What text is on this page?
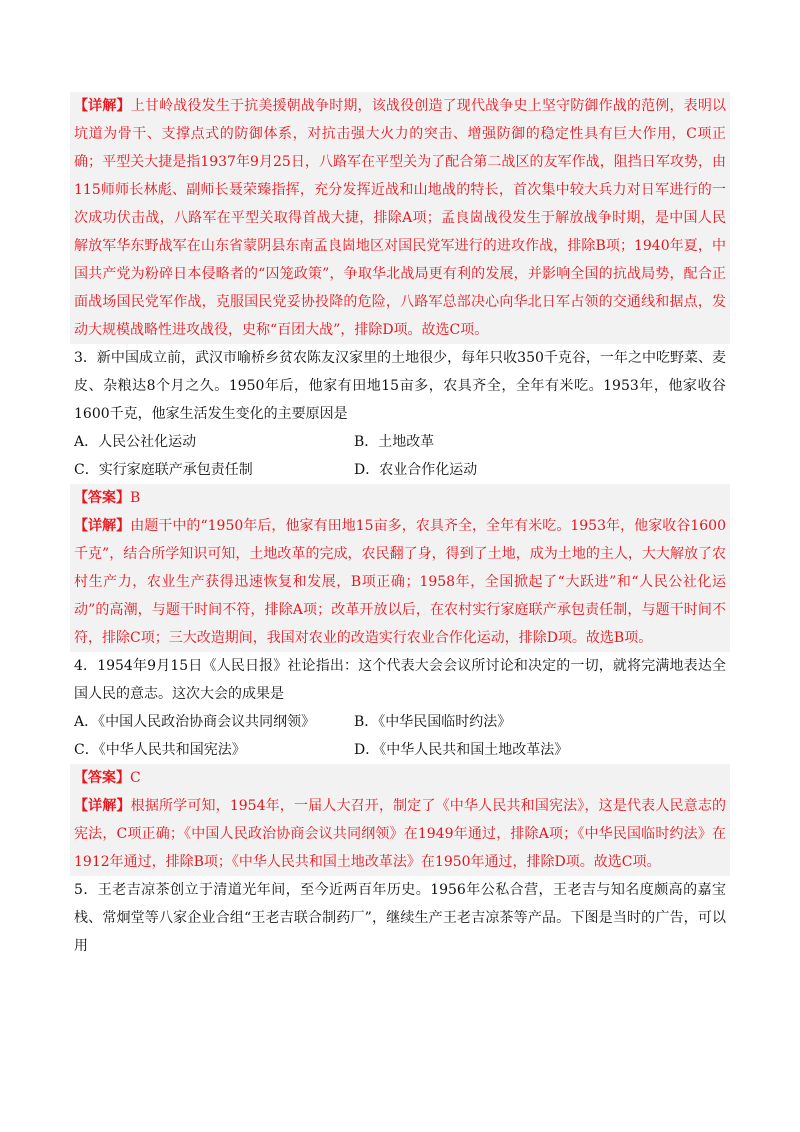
【详解】上甘岭战役发生于抗美援朝战争时期，该战役创造了现代战争史上坚守防御作战的范例，表明以坑道为骨干、支撑点式的防御体系，对抗击强大火力的突击、增强防御的稳定性具有巨大作用，C项正确；平型关大捷是指1937年9月25日，八路军在平型关为了配合第二战区的友军作战，阻挡日军攻势，由115师师长林彪、副师长聂荣臻指挥，充分发挥近战和山地战的特长，首次集中较大兵力对日军进行的一次成功伏击战，八路军在平型关取得首战大捷，排除A项；孟良崮战役发生于解放战争时期，是中国人民解放军华东野战军在山东省蒙阴县东南孟良崮地区对国民党军进行的进攻作战，排除B项；1940年夏，中国共产党为粉碎日本侵略者的“囚笼政策”，争取华北战局更有利的发展，并影响全国的抗战局势，配合正面战场国民党军作战，克服国民党妥协投降的危险，八路军总部决心向华北日军占领的交通线和据点，发动大规模战略性进攻战役，史称“百团大战”，排除D项。故选C项。
3．新中国成立前，武汉市喻桥乡贫农陈友汉家里的土地很少，每年只收350千克谷，一年之中吃野菜、麦皮、杂粮达8个月之久。1950年后，他家有田地15亩多，农具齐全，全年有米吃。1953年，他家收谷1600千克，他家生活发生变化的主要原因是
A．人民公社化运动	B．土地改革
C．实行家庭联产承包责任制	D．农业合作化运动
【答案】B
【详解】由题干中的“1950年后，他家有田地15亩多，农具齐全，全年有米吃。1953年，他家收谷1600千克”，结合所学知识可知，土地改革的完成，农民翻了身，得到了土地，成为土地的主人，大大解放了农村生产力，农业生产获得迅速恢复和发展，B项正确；1958年，全国掀起了“大跃进”和“人民公社化运动”的高潮，与题干时间不符，排除A项；改革开放以后，在农村实行家庭联产承包责任制，与题干时间不符，排除C项；三大改造期间，我国对农业的改造实行农业合作化运动，排除D项。故选B项。
4．1954年9月15日《人民日报》社论指出：这个代表大会会议所讨论和决定的一切，就将完满地表达全国人民的意志。这次大会的成果是
A．《中国人民政治协商会议共同纲领》	B．《中华民国临时约法》
C．《中华人民共和国宪法》	D．《中华人民共和国土地改革法》
【答案】C
【详解】根据所学可知，1954年，一届人大召开，制定了《中华人民共和国宪法》，这是代表人民意志的宪法，C项正确；《中国人民政治协商会议共同纲领》在1949年通过，排除A项；《中华民国临时约法》在1912年通过，排除B项；《中华人民共和国土地改革法》在1950年通过，排除D项。故选C项。
5．王老吉凉茶创立于清道光年间，至今近两百年历史。1956年公私合营，王老吉与知名度颇高的嘉宝栈、常炯堂等八家企业合组“王老吉联合制药厂”，继续生产王老吉凉茶等产品。下图是当时的广告，可以用
